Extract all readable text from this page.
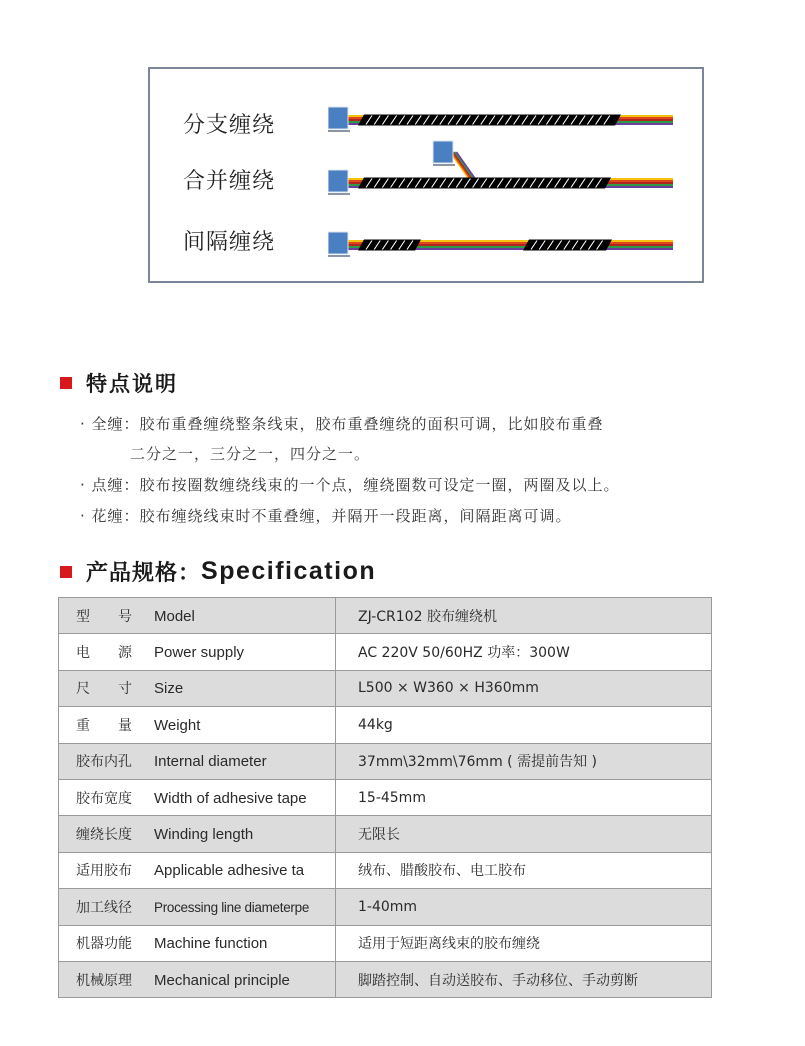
分支缠绕
合并缠绕
间隔缠绕
特点说明
· 全缠：胶布重叠缠绕整条线束，胶布重叠缠绕的面积可调，比如胶布重叠
二分之一，三分之一，四分之一。
· 点缠：胶布按圈数缠绕线束的一个点，缠绕圈数可设定一圈，两圈及以上。
· 花缠：胶布缠绕线束时不重叠缠，并隔开一段距离，间隔距离可调。
产品规格： Specification
型　　号 Model	ZJ-CR102 胶布缠绕机
电　　源 Power supply	AC 220V 50/60HZ 功率：300W
尺　　寸 Size	L500 × W360 × H360mm
重　　量 Weight	44kg
胶布内孔 Internal diameter	37mm\32mm\76mm ( 需提前告知 )
胶布宽度 Width of adhesive tape	15-45mm
缠绕长度 Winding length	无限长
适用胶布 Applicable adhesive ta	绒布、腊酸胶布、电工胶布
加工线径 Processing line diameterpe	1-40mm
机器功能 Machine function	适用于短距离线束的胶布缠绕
机械原理 Mechanical principle	脚踏控制、自动送胶布、手动移位、手动剪断
